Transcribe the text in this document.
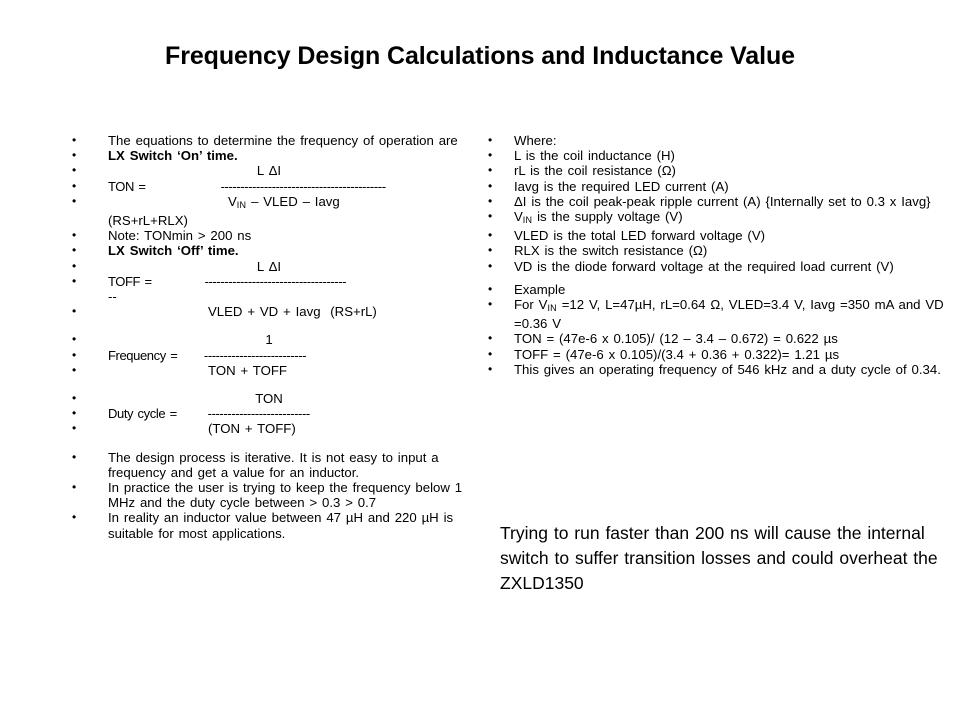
Frequency Design Calculations and Inductance Value
•	The equations to determine the frequency of operation are
•	LX Switch ‘On’ time.
•	L ΔI
•	TON =                 ------------------------------------------
•	$V_{IN}$ – VLED – Iavg
(RS+rL+RLX)
•	Note: TONmin > 200 ns
•	LX Switch ‘Off’ time.
•	L ΔI
•	TOFF =            ------------------------------------
--
•	VLED + VD + Iavg  (RS+rL)
•	1
•	Frequency =      --------------------------
•	TON + TOFF
•	TON
•	Duty cycle =       --------------------------
•	(TON + TOFF)
•	The design process is iterative. It is not easy to input a frequency and get a value for an inductor.
•	In practice the user is trying to keep the frequency below 1 MHz and the duty cycle between > 0.3 > 0.7
•	In reality an inductor value between 47 µH and 220 µH is suitable for most applications.
•	Where:
•	L is the coil inductance (H)
•	rL is the coil resistance (Ω)
•	Iavg is the required LED current (A)
•	ΔI is the coil peak-peak ripple current (A) {Internally set to 0.3 x Iavg}
•	$V_{IN}$ is the supply voltage (V)
•	VLED is the total LED forward voltage (V)
•	RLX is the switch resistance (Ω)
•	VD is the diode forward voltage at the required load current (V)
•	Example
•	For $V_{IN} =12$ V, L=47µH, rL=0.64 Ω, VLED=3.4 V, Iavg =350 mA and VD =0.36 V
•	TON = (47e-6 x 0.105)/ (12 – 3.4 – 0.672) = 0.622 µs
•	TOFF = (47e-6 x 0.105)/(3.4 + 0.36 + 0.322)= 1.21 µs
•	This gives an operating frequency of 546 kHz and a duty cycle of 0.34.
Trying to run faster than 200 ns will cause the internal switch to suffer transition losses and could overheat the ZXLD1350
